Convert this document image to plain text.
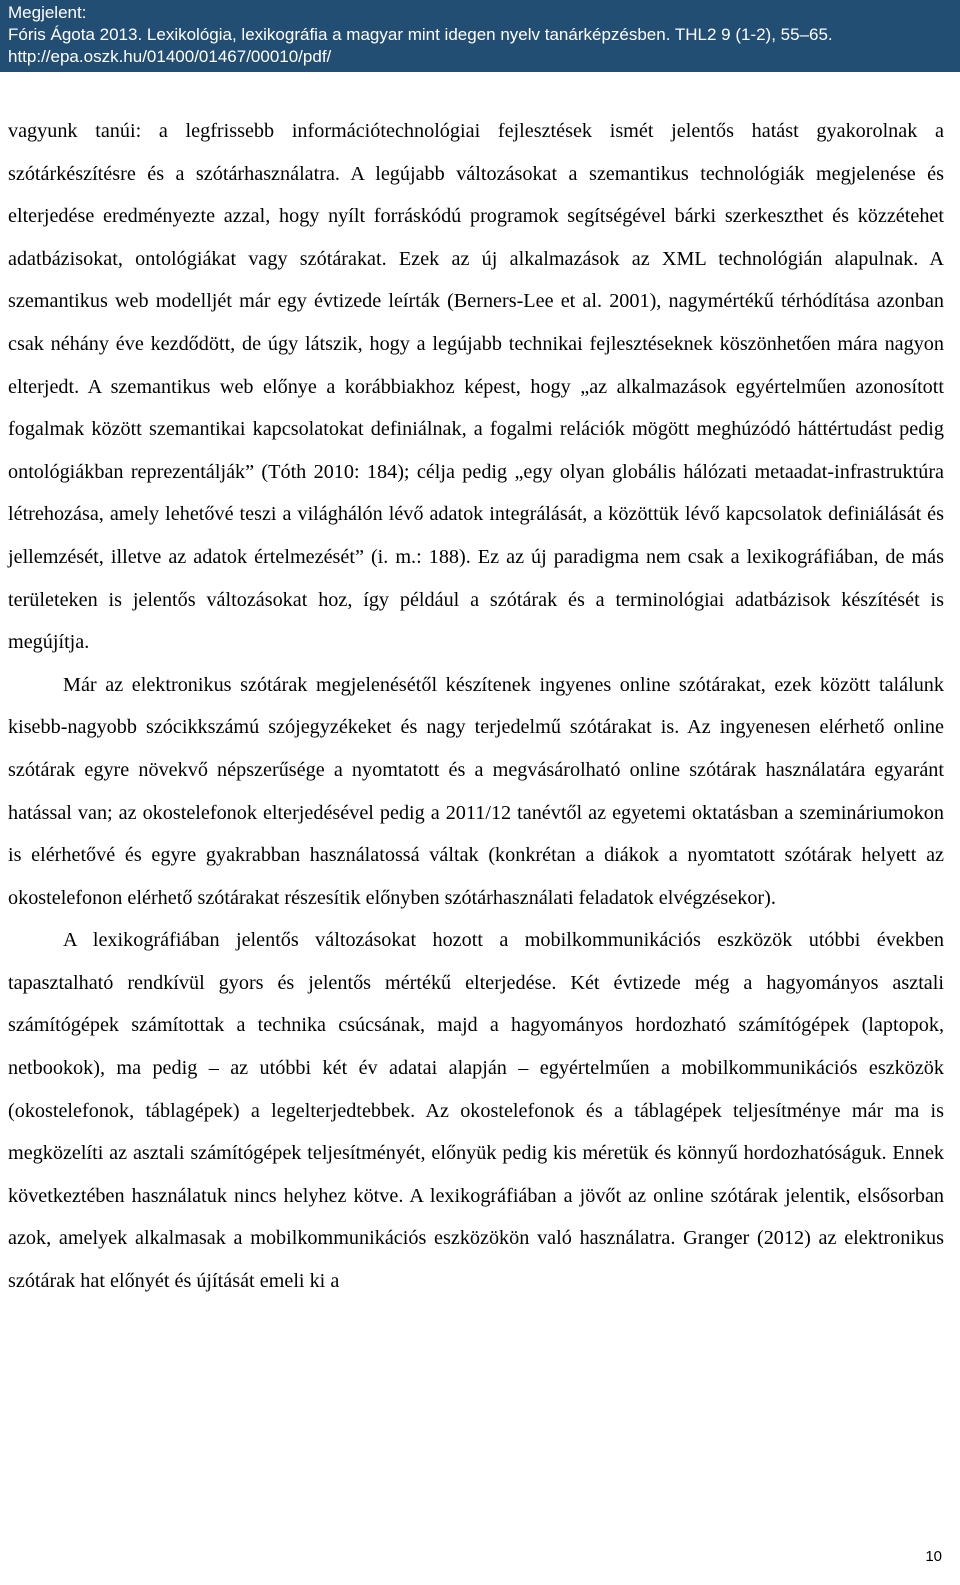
Megjelent:
Fóris Ágota 2013. Lexikológia, lexikográfia a magyar mint idegen nyelv tanárképzésben. THL2 9 (1-2), 55–65.
http://epa.oszk.hu/01400/01467/00010/pdf/

vagyunk tanúi: a legfrissebb információtechnológiai fejlesztések ismét jelentős hatást gyakorolnak a szótárkészítésre és a szótárhasználatra. A legújabb változásokat a szemantikus technológiák megjelenése és elterjedése eredményezte azzal, hogy nyílt forráskódú programok segítségével bárki szerkeszthet és közzétehet adatbázisokat, ontológiákat vagy szótárakat. Ezek az új alkalmazások az XML technológián alapulnak. A szemantikus web modelljét már egy évtizede leírták (Berners-Lee et al. 2001), nagymértékű térhódítása azonban csak néhány éve kezdődött, de úgy látszik, hogy a legújabb technikai fejlesztéseknek köszönhetően mára nagyon elterjedt. A szemantikus web előnye a korábbiakhoz képest, hogy „az alkalmazások egyértelműen azonosított fogalmak között szemantikai kapcsolatokat definiálnak, a fogalmi relációk mögött meghúzódó háttértudást pedig ontológiákban reprezentálják” (Tóth 2010: 184); célja pedig „egy olyan globális hálózati metaadat-infrastruktúra létrehozása, amely lehetővé teszi a világhálón lévő adatok integrálását, a közöttük lévő kapcsolatok definiálását és jellemzését, illetve az adatok értelmezését” (i. m.: 188). Ez az új paradigma nem csak a lexikográfiában, de más területeken is jelentős változásokat hoz, így például a szótárak és a terminológiai adatbázisok készítését is megújítja.

Már az elektronikus szótárak megjelenésétől készítenek ingyenes online szótárakat, ezek között találunk kisebb-nagyobb szócikkszámú szójegyzékeket és nagy terjedelmű szótárakat is. Az ingyenesen elérhető online szótárak egyre növekvő népszerűsége a nyomtatott és a megvásárolható online szótárak használatára egyaránt hatással van; az okostelefonok elterjedésével pedig a 2011/12 tanévtől az egyetemi oktatásban a szemináriumokon is elérhetővé és egyre gyakrabban használatossá váltak (konkrétan a diákok a nyomtatott szótárak helyett az okostelefonon elérhető szótárakat részesítik előnyben szótárhasználati feladatok elvégzésekor).

A lexikográfiában jelentős változásokat hozott a mobilkommunikációs eszközök utóbbi években tapasztalható rendkívül gyors és jelentős mértékű elterjedése. Két évtizede még a hagyományos asztali számítógépek számítottak a technika csúcsának, majd a hagyományos hordozható számítógépek (laptopok, netbookok), ma pedig – az utóbbi két év adatai alapján – egyértelműen a mobilkommunikációs eszközök (okostelefonok, táblagépek) a legelterjedtebbek. Az okostelefonok és a táblagépek teljesítménye már ma is megközelíti az asztali számítógépek teljesítményét, előnyük pedig kis méretük és könnyű hordozhatóságuk. Ennek következtében használatuk nincs helyhez kötve. A lexikográfiában a jövőt az online szótárak jelentik, elsősorban azok, amelyek alkalmasak a mobilkommunikációs eszközökön való használatra. Granger (2012) az elektronikus szótárak hat előnyét és újítását emeli ki a

10
